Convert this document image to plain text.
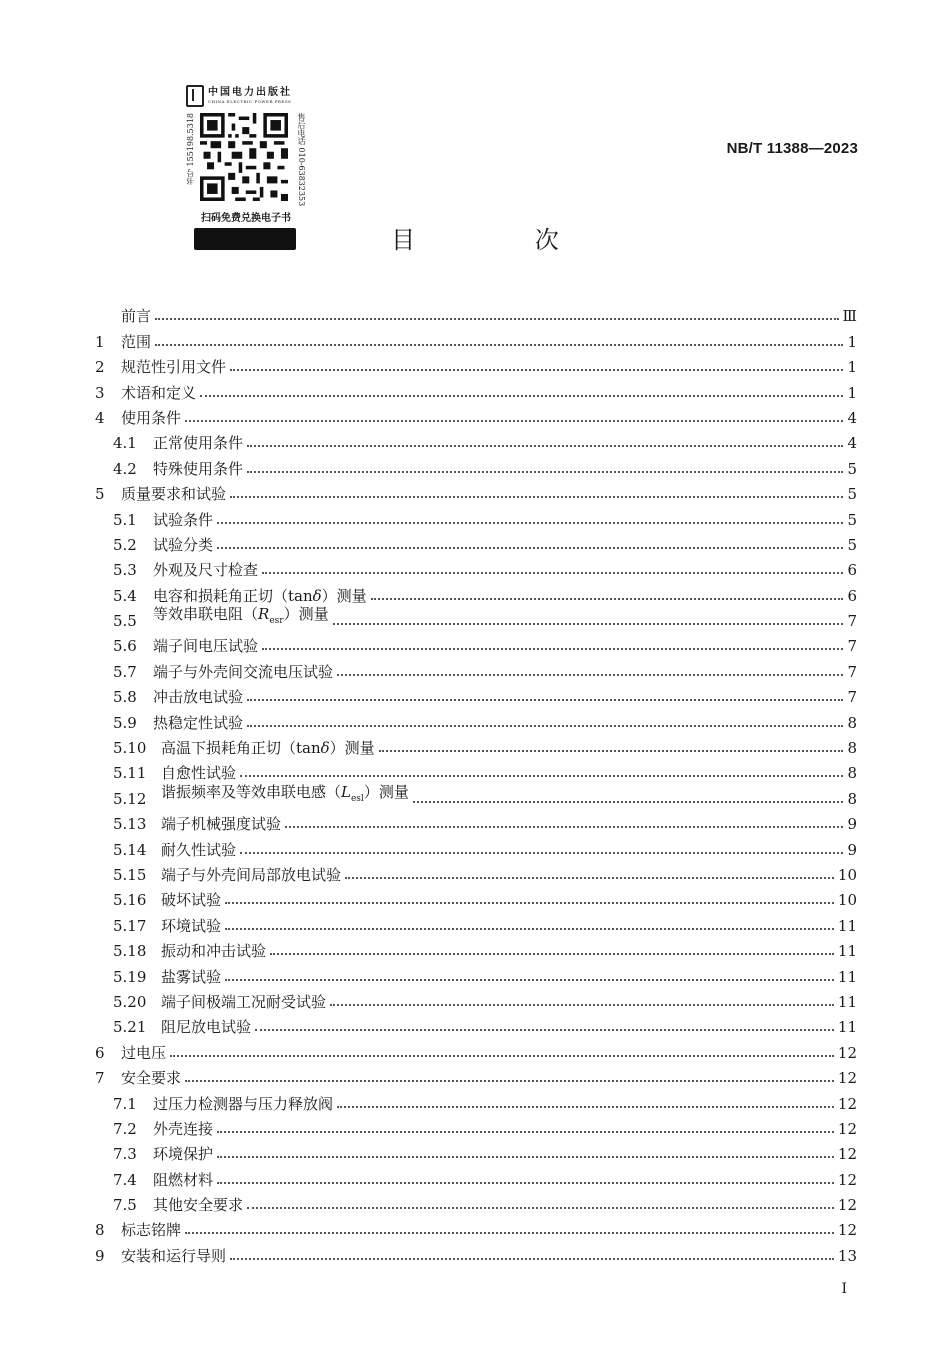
中国电力出版社
CHINA ELECTRIC POWER PRESS
书号 155198.5318	售后电话 010-63832353
扫码免费兑换电子书
NB/T 11388—2023
目 次
前言	Ⅲ
1	范围	1
2	规范性引用文件	1
3	术语和定义	1
4	使用条件	4
4.1	正常使用条件	4
4.2	特殊使用条件	5
5	质量要求和试验	5
5.1	试验条件	5
5.2	试验分类	5
5.3	外观及尺寸检查	6
5.4	电容和损耗角正切（tanδ）测量	6
5.5	等效串联电阻$(R_{esr})$测量	7
5.6	端子间电压试验	7
5.7	端子与外壳间交流电压试验	7
5.8	冲击放电试验	7
5.9	热稳定性试验	8
5.10 高温下损耗角正切（tanδ）测量	8
5.11 自愈性试验	8
5.12 谐振频率及等效串联电感$(L_{esl})$测量	8
5.13 端子机械强度试验	9
5.14 耐久性试验	9
5.15 端子与外壳间局部放电试验	10
5.16 破坏试验	10
5.17 环境试验	11
5.18 振动和冲击试验	11
5.19 盐雾试验	11
5.20 端子间极端工况耐受试验	11
5.21 阻尼放电试验	11
6	过电压	12
7	安全要求	12
7.1	过压力检测器与压力释放阀	12
7.2	外壳连接	12
7.3	环境保护	12
7.4	阻燃材料	12
7.5	其他安全要求	12
8	标志铭牌	12
9	安装和运行导则	13
I
